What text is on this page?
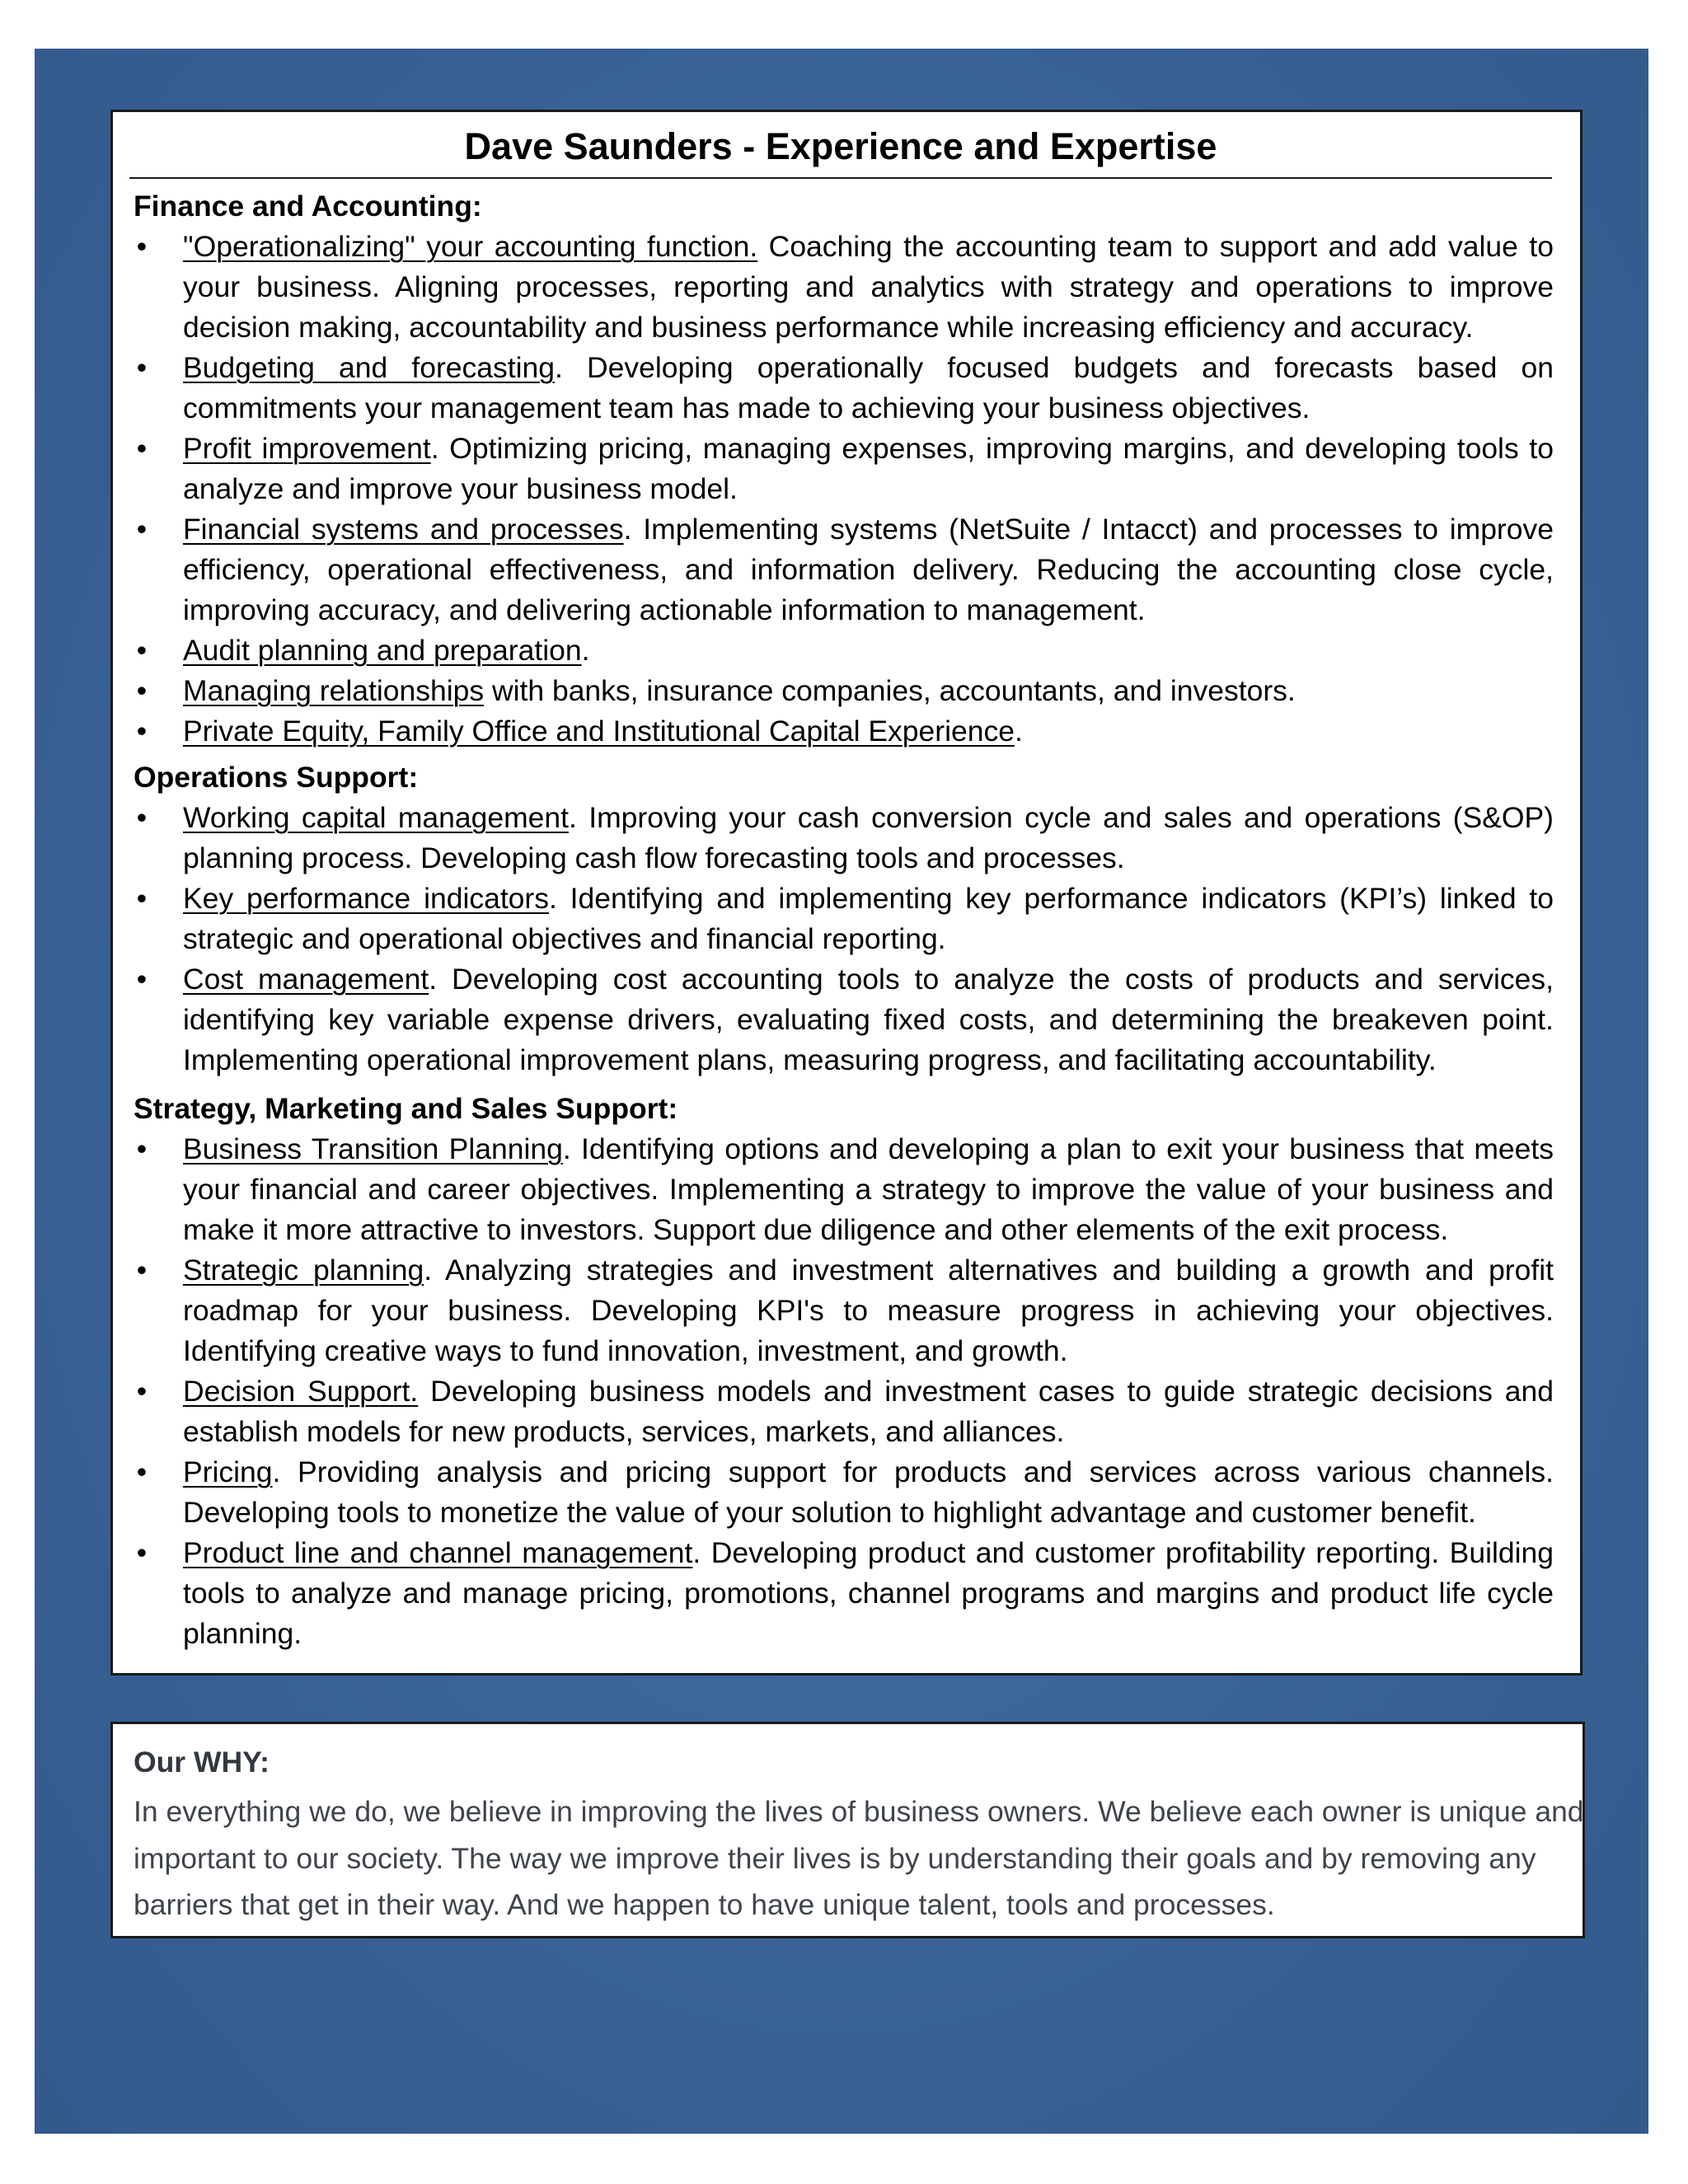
Dave Saunders - Experience and Expertise
Finance and Accounting:
• "Operationalizing" your accounting function. Coaching the accounting team to support and add value to your business. Aligning processes, reporting and analytics with strategy and operations to improve decision making, accountability and business performance while increasing efficiency and accuracy.
• Budgeting and forecasting. Developing operationally focused budgets and forecasts based on commitments your management team has made to achieving your business objectives.
• Profit improvement. Optimizing pricing, managing expenses, improving margins, and developing tools to analyze and improve your business model.
• Financial systems and processes. Implementing systems (NetSuite / Intacct) and processes to improve efficiency, operational effectiveness, and information delivery. Reducing the accounting close cycle, improving accuracy, and delivering actionable information to management.
• Audit planning and preparation.
• Managing relationships with banks, insurance companies, accountants, and investors.
• Private Equity, Family Office and Institutional Capital Experience.
Operations Support:
• Working capital management. Improving your cash conversion cycle and sales and operations (S&OP) planning process. Developing cash flow forecasting tools and processes.
• Key performance indicators. Identifying and implementing key performance indicators (KPI’s) linked to strategic and operational objectives and financial reporting.
• Cost management. Developing cost accounting tools to analyze the costs of products and services, identifying key variable expense drivers, evaluating fixed costs, and determining the breakeven point. Implementing operational improvement plans, measuring progress, and facilitating accountability.
Strategy, Marketing and Sales Support:
• Business Transition Planning. Identifying options and developing a plan to exit your business that meets your financial and career objectives. Implementing a strategy to improve the value of your business and make it more attractive to investors. Support due diligence and other elements of the exit process.
• Strategic planning. Analyzing strategies and investment alternatives and building a growth and profit roadmap for your business. Developing KPI's to measure progress in achieving your objectives. Identifying creative ways to fund innovation, investment, and growth.
• Decision Support. Developing business models and investment cases to guide strategic decisions and establish models for new products, services, markets, and alliances.
• Pricing. Providing analysis and pricing support for products and services across various channels. Developing tools to monetize the value of your solution to highlight advantage and customer benefit.
• Product line and channel management. Developing product and customer profitability reporting. Building tools to analyze and manage pricing, promotions, channel programs and margins and product life cycle planning.
Our WHY:
In everything we do, we believe in improving the lives of business owners. We believe each owner is unique and important to our society. The way we improve their lives is by understanding their goals and by removing any barriers that get in their way. And we happen to have unique talent, tools and processes.
